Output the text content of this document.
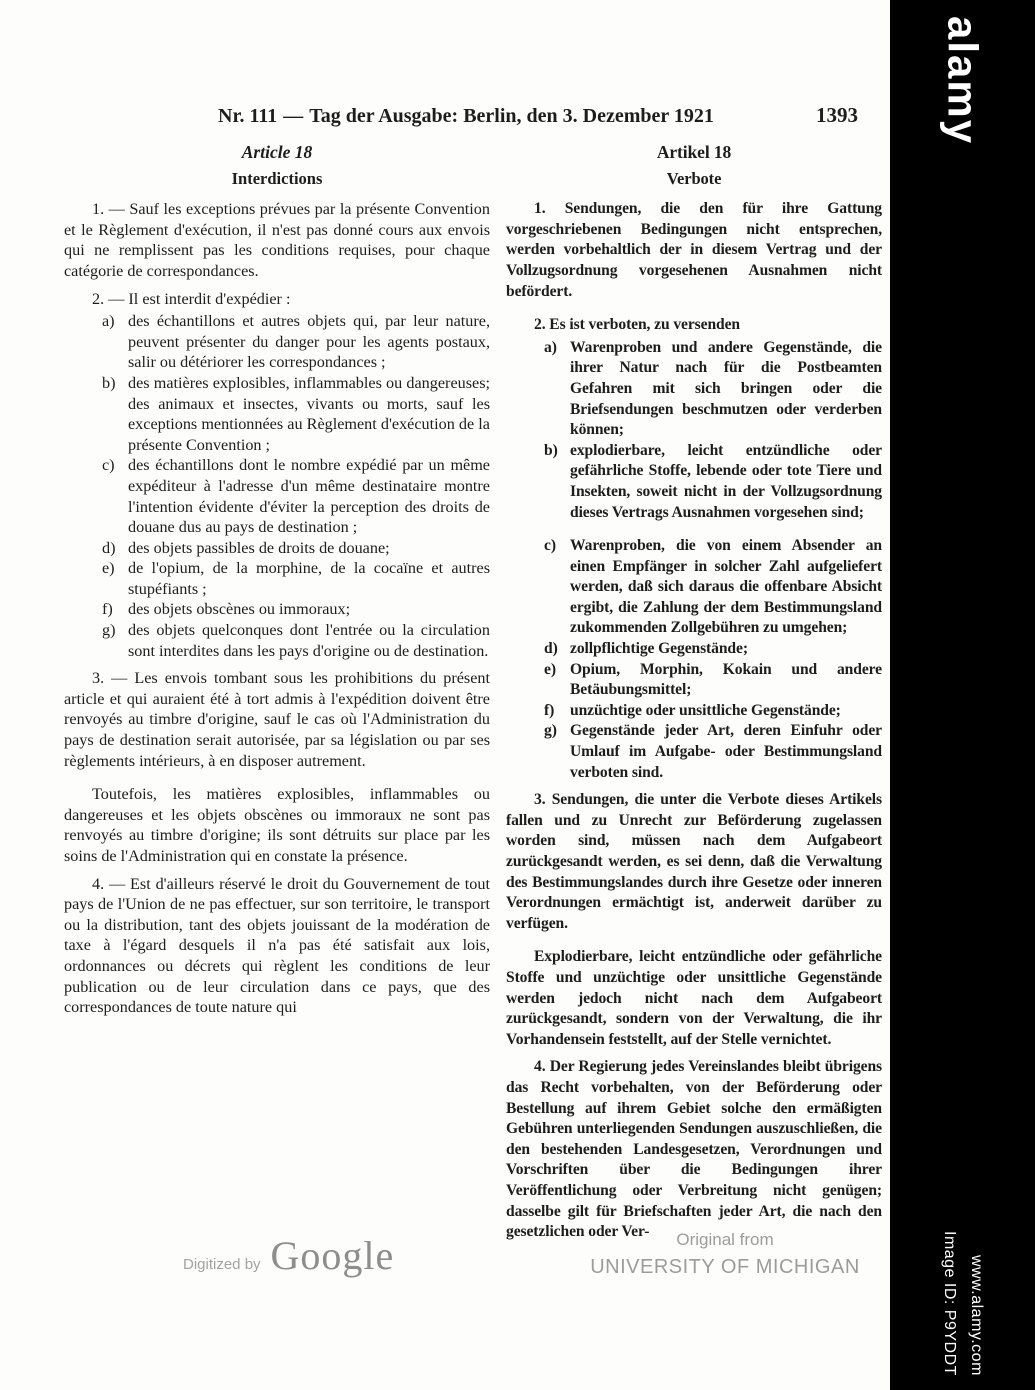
Nr. 111 — Tag der Ausgabe: Berlin, den 3. Dezember 1921	1393
Article 18
Interdictions

1. — Sauf les exceptions prévues par la présente Convention et le Règlement d'exécution, il n'est pas donné cours aux envois qui ne remplissent pas les conditions requises, pour chaque catégorie de correspondances.

2. — Il est interdit d'expédier :

a) des échantillons et autres objets qui, par leur nature, peuvent présenter du danger pour les agents postaux, salir ou détériorer les correspondances ;
b) des matières explosibles, inflammables ou dangereuses; des animaux et insectes, vivants ou morts, sauf les exceptions mentionnées au Règlement d'exécution de la présente Convention ;
c) des échantillons dont le nombre expédié par un même expéditeur à l'adresse d'un même destinataire montre l'intention évidente d'éviter la perception des droits de douane dus au pays de destination ;
d) des objets passibles de droits de douane;
e) de l'opium, de la morphine, de la cocaïne et autres stupéfiants ;
f) des objets obscènes ou immoraux;
g) des objets quelconques dont l'entrée ou la circulation sont interdites dans les pays d'origine ou de destination.

3. — Les envois tombant sous les prohibitions du présent article et qui auraient été à tort admis à l'expédition doivent être renvoyés au timbre d'origine, sauf le cas où l'Administration du pays de destination serait autorisée, par sa législation ou par ses règlements intérieurs, à en disposer autrement.

Toutefois, les matières explosibles, inflammables ou dangereuses et les objets obscènes ou immoraux ne sont pas renvoyés au timbre d'origine; ils sont détruits sur place par les soins de l'Administration qui en constate la présence.

4. — Est d'ailleurs réservé le droit du Gouvernement de tout pays de l'Union de ne pas effectuer, sur son territoire, le transport ou la distribution, tant des objets jouissant de la modération de taxe à l'égard desquels il n'a pas été satisfait aux lois, ordonnances ou décrets qui règlent les conditions de leur publication ou de leur circulation dans ce pays, que des correspondances de toute nature qui

Artikel 18
Verbote

1. Sendungen, die den für ihre Gattung vorgeschriebenen Bedingungen nicht entsprechen, werden vorbehaltlich der in diesem Vertrag und der Vollzugsordnung vorgesehenen Ausnahmen nicht befördert.

2. Es ist verboten, zu versenden

a) Warenproben und andere Gegenstände, die ihrer Natur nach für die Postbeamten Gefahren mit sich bringen oder die Briefsendungen beschmutzen oder verderben können;
b) explodierbare, leicht entzündliche oder gefährliche Stoffe, lebende oder tote Tiere und Insekten, soweit nicht in der Vollzugsordnung dieses Vertrags Ausnahmen vorgesehen sind;
c) Warenproben, die von einem Absender an einen Empfänger in solcher Zahl aufgeliefert werden, daß sich daraus die offenbare Absicht ergibt, die Zahlung der dem Bestimmungsland zukommenden Zollgebühren zu umgehen;
d) zollpflichtige Gegenstände;
e) Opium, Morphin, Kokain und andere Betäubungsmittel;
f)	unzüchtige oder unsittliche Gegenstände;
g) Gegenstände jeder Art, deren Einfuhr oder Umlauf im Aufgabe- oder Bestimmungsland verboten sind.

3. Sendungen, die unter die Verbote dieses Artikels fallen und zu Unrecht zur Beförderung zugelassen worden sind, müssen nach dem Aufgabeort zurückgesandt werden, es sei denn, daß die Verwaltung des Bestimmungslandes durch ihre Gesetze oder inneren Verordnungen ermächtigt ist, anderweit darüber zu verfügen.

Explodierbare, leicht entzündliche oder gefährliche Stoffe und unzüchtige oder unsittliche Gegenstände werden jedoch nicht nach dem Aufgabeort zurückgesandt, sondern von der Verwaltung, die ihr Vorhandensein feststellt, auf der Stelle vernichtet.

4. Der Regierung jedes Vereinslandes bleibt übrigens das Recht vorbehalten, von der Beförderung oder Bestellung auf ihrem Gebiet solche den ermäßigten Gebühren unterliegenden Sendungen auszuschließen, die den bestehenden Landesgesetzen, Verordnungen und Vorschriften über die Bedingungen ihrer Veröffentlichung oder Verbreitung nicht genügen; dasselbe gilt für Briefschaften jeder Art, die nach den gesetzlichen oder Ver-

Digitized by Google	Original from
UNIVERSITY OF MICHIGAN
alamy
Image ID: P9YDDT www.alamy.com
